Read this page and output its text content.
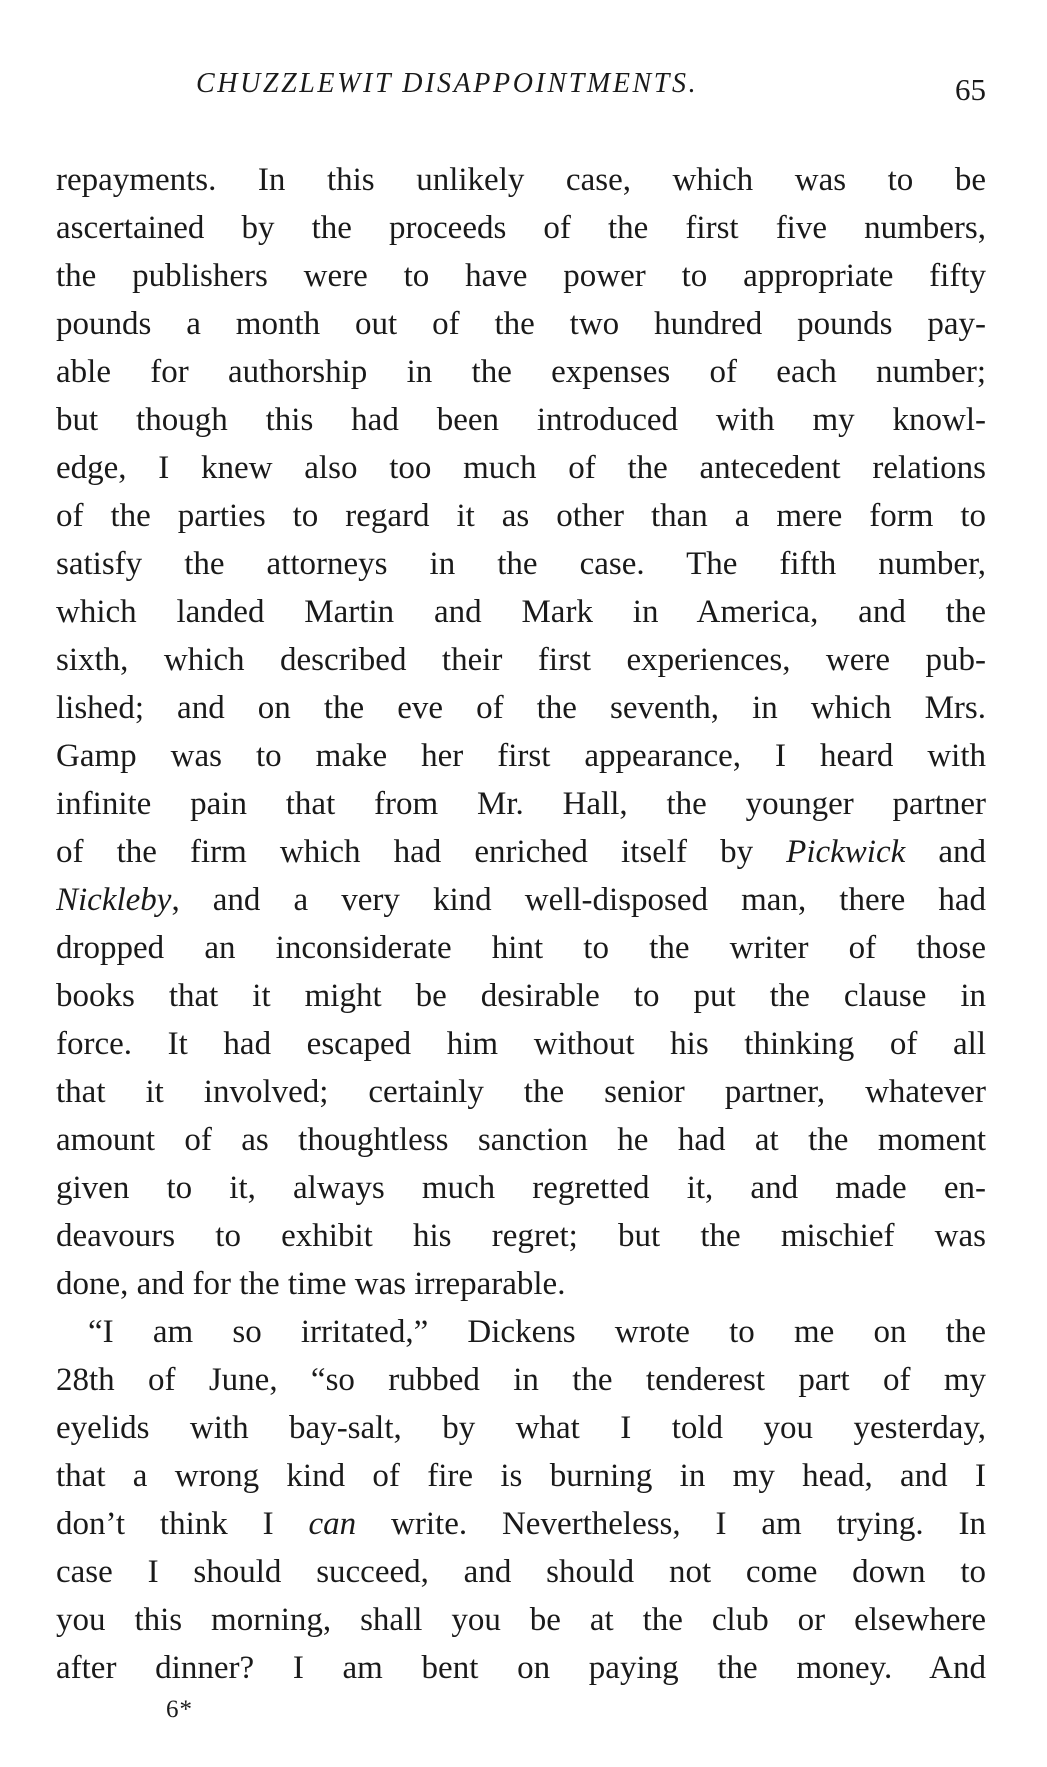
CHUZZLEWIT DISAPPOINTMENTS.	65
repayments. In this unlikely case, which was to be
ascertained by the proceeds of the first five numbers,
the publishers were to have power to appropriate fifty
pounds a month out of the two hundred pounds pay-
able for authorship in the expenses of each number;
but though this had been introduced with my knowl-
edge, I knew also too much of the antecedent relations
of the parties to regard it as other than a mere form to
satisfy the attorneys in the case. The fifth number,
which landed Martin and Mark in America, and the
sixth, which described their first experiences, were pub-
lished; and on the eve of the seventh, in which Mrs.
Gamp was to make her first appearance, I heard with
infinite pain that from Mr. Hall, the younger partner
of the firm which had enriched itself by Pickwick and
Nickleby, and a very kind well-disposed man, there had
dropped an inconsiderate hint to the writer of those
books that it might be desirable to put the clause in
force. It had escaped him without his thinking of all
that it involved; certainly the senior partner, whatever
amount of as thoughtless sanction he had at the moment
given to it, always much regretted it, and made en-
deavours to exhibit his regret; but the mischief was
done, and for the time was irreparable.
“I am so irritated,” Dickens wrote to me on the
28th of June, “so rubbed in the tenderest part of my
eyelids with bay-salt, by what I told you yesterday,
that a wrong kind of fire is burning in my head, and I
don’t think I can write. Nevertheless, I am trying. In
case I should succeed, and should not come down to
you this morning, shall you be at the club or elsewhere
after dinner? I am bent on paying the money. And
6*
